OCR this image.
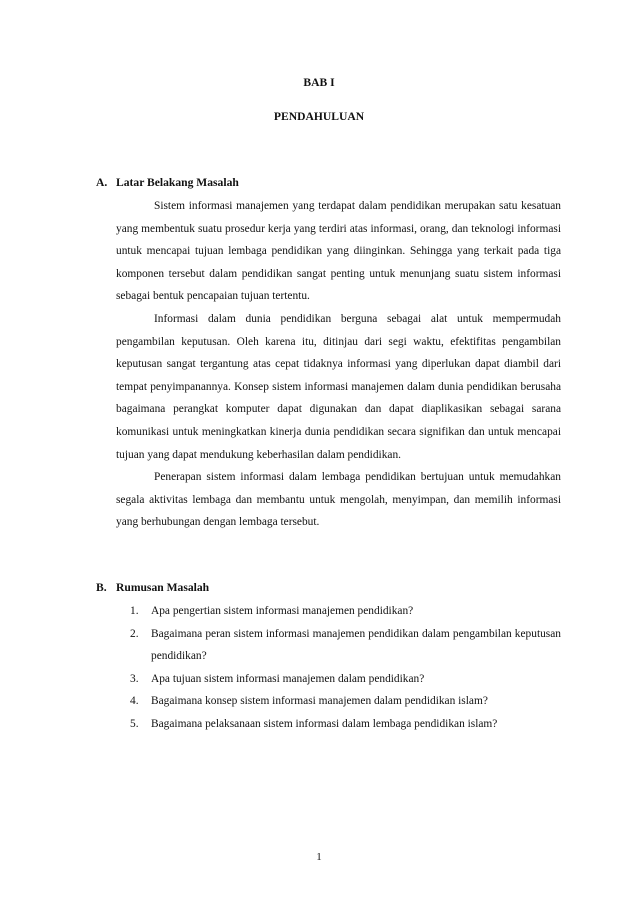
BAB I
PENDAHULUAN
A. Latar Belakang Masalah

Sistem informasi manajemen yang terdapat dalam pendidikan merupakan satu kesatuan yang membentuk suatu prosedur kerja yang terdiri atas informasi, orang, dan teknologi informasi untuk mencapai tujuan lembaga pendidikan yang diinginkan. Sehingga yang terkait pada tiga komponen tersebut dalam pendidikan sangat penting untuk menunjang suatu sistem informasi sebagai bentuk pencapaian tujuan tertentu.

Informasi dalam dunia pendidikan berguna sebagai alat untuk mempermudah pengambilan keputusan. Oleh karena itu, ditinjau dari segi waktu, efektifitas pengambilan keputusan sangat tergantung atas cepat tidaknya informasi yang diperlukan dapat diambil dari tempat penyimpanannya. Konsep sistem informasi manajemen dalam dunia pendidikan berusaha bagaimana perangkat komputer dapat digunakan dan dapat diaplikasikan sebagai sarana komunikasi untuk meningkatkan kinerja dunia pendidikan secara signifikan dan untuk mencapai tujuan yang dapat mendukung keberhasilan dalam pendidikan.

Penerapan sistem informasi dalam lembaga pendidikan bertujuan untuk memudahkan segala aktivitas lembaga dan membantu untuk mengolah, menyimpan, dan memilih informasi yang berhubungan dengan lembaga tersebut.

B. Rumusan Masalah
1. Apa pengertian sistem informasi manajemen pendidikan?
2. Bagaimana peran sistem informasi manajemen pendidikan dalam pengambilan keputusan pendidikan?
3. Apa tujuan sistem informasi manajemen dalam pendidikan?
4. Bagaimana konsep sistem informasi manajemen dalam pendidikan islam?
5. Bagaimana pelaksanaan sistem informasi dalam lembaga pendidikan islam?
1
